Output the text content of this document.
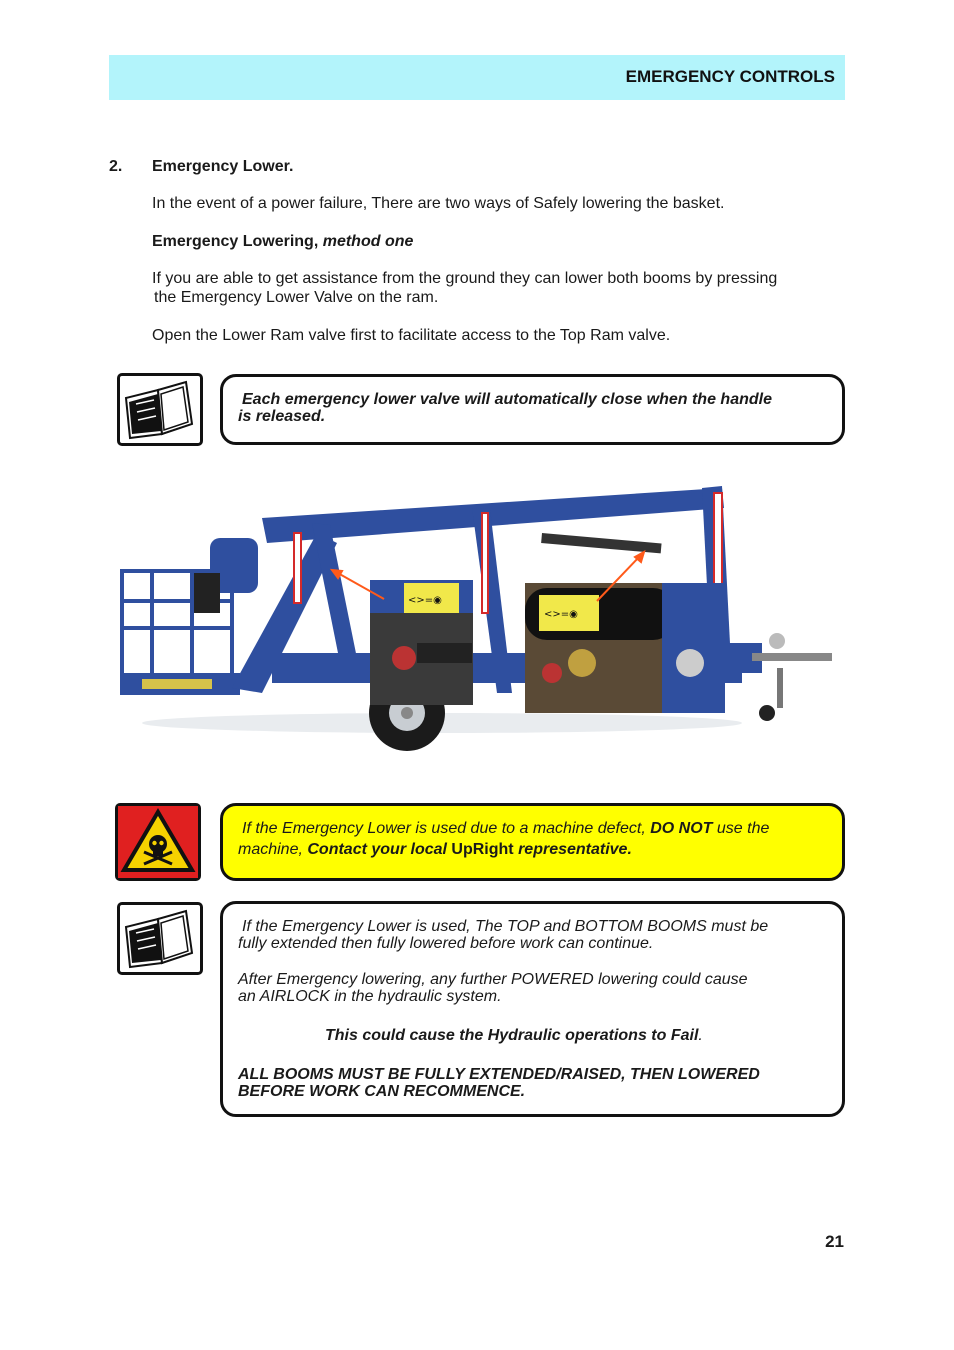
EMERGENCY CONTROLS
2. Emergency Lower.
In the event of a power failure, There are two ways of Safely lowering the basket.
Emergency Lowering, method one
If you are able to get assistance from the ground they can lower both booms by pressing
the Emergency Lower Valve on the ram.
Open the Lower Ram valve first to facilitate access to the Top Ram valve.
Each emergency lower valve will automatically close when the handle
is released.
<>=◉
<>=◉
If the Emergency Lower is used due to a machine defect, DO NOT use the
machine, Contact your local UpRight representative.
If the Emergency Lower is used, The TOP and BOTTOM BOOMS must be
fully extended then fully lowered before work can continue.
After Emergency lowering, any further POWERED lowering could cause
an AIRLOCK in the hydraulic system.
This could cause the Hydraulic operations to Fail.
ALL BOOMS MUST BE FULLY EXTENDED/RAISED, THEN LOWERED
BEFORE WORK CAN RECOMMENCE.
21
